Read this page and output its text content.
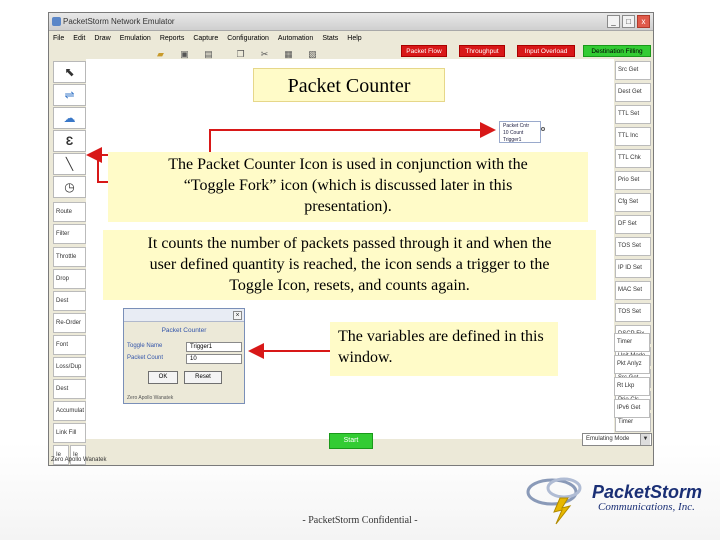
PacketStorm Network Emulator	_	□	x
File Edit Draw Emulation Reports Capture Configuration Automation Stats Help
▰ ▣ ▤	❐ ✂ ▦ ▧	Packet Flow	Throughput	Input Overload	Destination Filling
⬉
⇌
☁
Ɛ
╲
◷
Route
Filter
Throttle
Drop
Dest
Re-Order
Font
Loss/Dup
Dest
Accumulat
Link Fill
Ie	Ie
Src Get
Dest Get
TTL Set
TTL Inc
TTL Chk
Prio Set
Cfg Set
DF Set
TOS Set
IP ID Set
MAC Set
TOS Set
Timer
Start	Emulating Mode	▼
Zero Apollo Wanatek
Timer
Pkt Anlyz
Rt Lkp
IPv6 Get
Packet Cntr
10 Count
Trigger1
×
Packet Counter
Toggle Name	Trigger1
Packet Count	10
OK	Reset
Zero Apollo Wanatek
Packet Counter
The Packet Counter Icon is used in conjunction with the “Toggle Fork” icon (which is discussed later in this presentation).
It counts the number of packets passed through it and when the user defined quantity is reached, the icon sends a trigger to the Toggle Icon, resets, and counts again.
The variables are defined in this window.
- PacketStorm Confidential -
PacketStorm
Communications, Inc.
